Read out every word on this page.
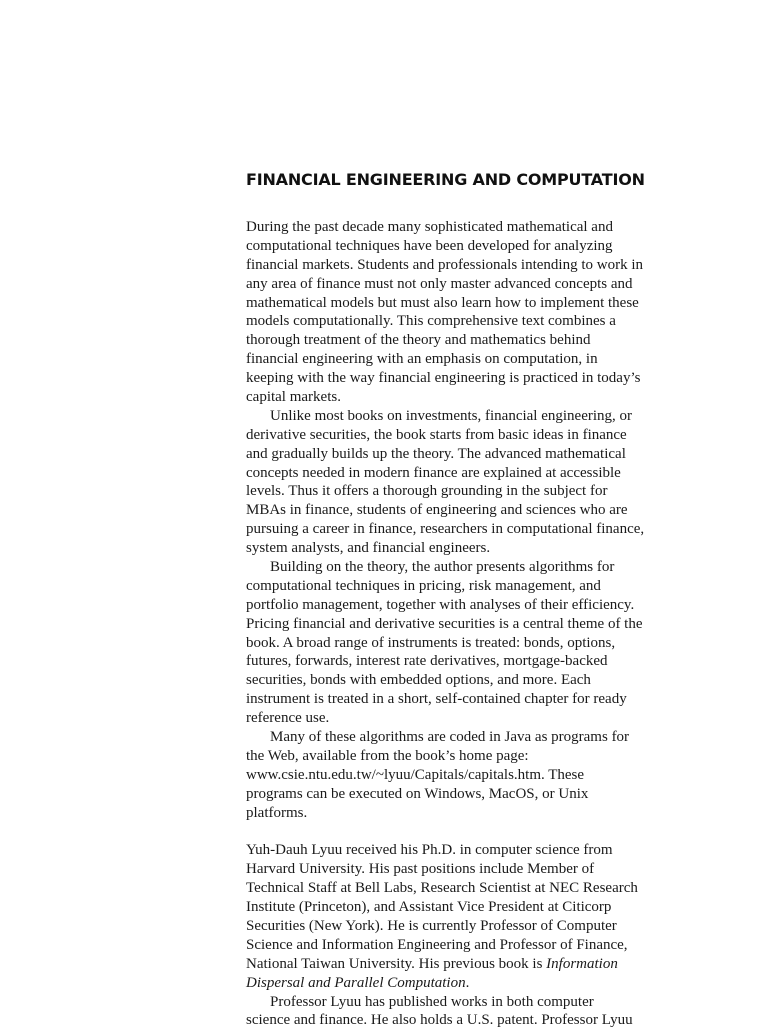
FINANCIAL ENGINEERING AND COMPUTATION

During the past decade many sophisticated mathematical and

computational techniques have been developed for analyzing

financial markets. Students and professionals intending to work in

any area of finance must not only master advanced concepts and

mathematical models but must also learn how to implement these

models computationally. This comprehensive text combines a

thorough treatment of the theory and mathematics behind

financial engineering with an emphasis on computation, in

keeping with the way financial engineering is practiced in today’s

capital markets.

Unlike most books on investments, financial engineering, or

derivative securities, the book starts from basic ideas in finance

and gradually builds up the theory. The advanced mathematical

concepts needed in modern finance are explained at accessible

levels. Thus it offers a thorough grounding in the subject for

MBAs in finance, students of engineering and sciences who are

pursuing a career in finance, researchers in computational finance,

system analysts, and financial engineers.

Building on the theory, the author presents algorithms for

computational techniques in pricing, risk management, and

portfolio management, together with analyses of their efficiency.

Pricing financial and derivative securities is a central theme of the

book. A broad range of instruments is treated: bonds, options,

futures, forwards, interest rate derivatives, mortgage-backed

securities, bonds with embedded options, and more. Each

instrument is treated in a short, self-contained chapter for ready

reference use.

Many of these algorithms are coded in Java as programs for

the Web, available from the book’s home page:

www.csie.ntu.edu.tw/~lyuu/Capitals/capitals.htm. These

programs can be executed on Windows, MacOS, or Unix

platforms.

Yuh-Dauh Lyuu received his Ph.D. in computer science from

Harvard University. His past positions include Member of

Technical Staff at Bell Labs, Research Scientist at NEC Research

Institute (Princeton), and Assistant Vice President at Citicorp

Securities (New York). He is currently Professor of Computer

Science and Information Engineering and Professor of Finance,

National Taiwan University. His previous book is Information

Dispersal and Parallel Computation.

Professor Lyuu has published works in both computer

science and finance. He also holds a U.S. patent. Professor Lyuu
